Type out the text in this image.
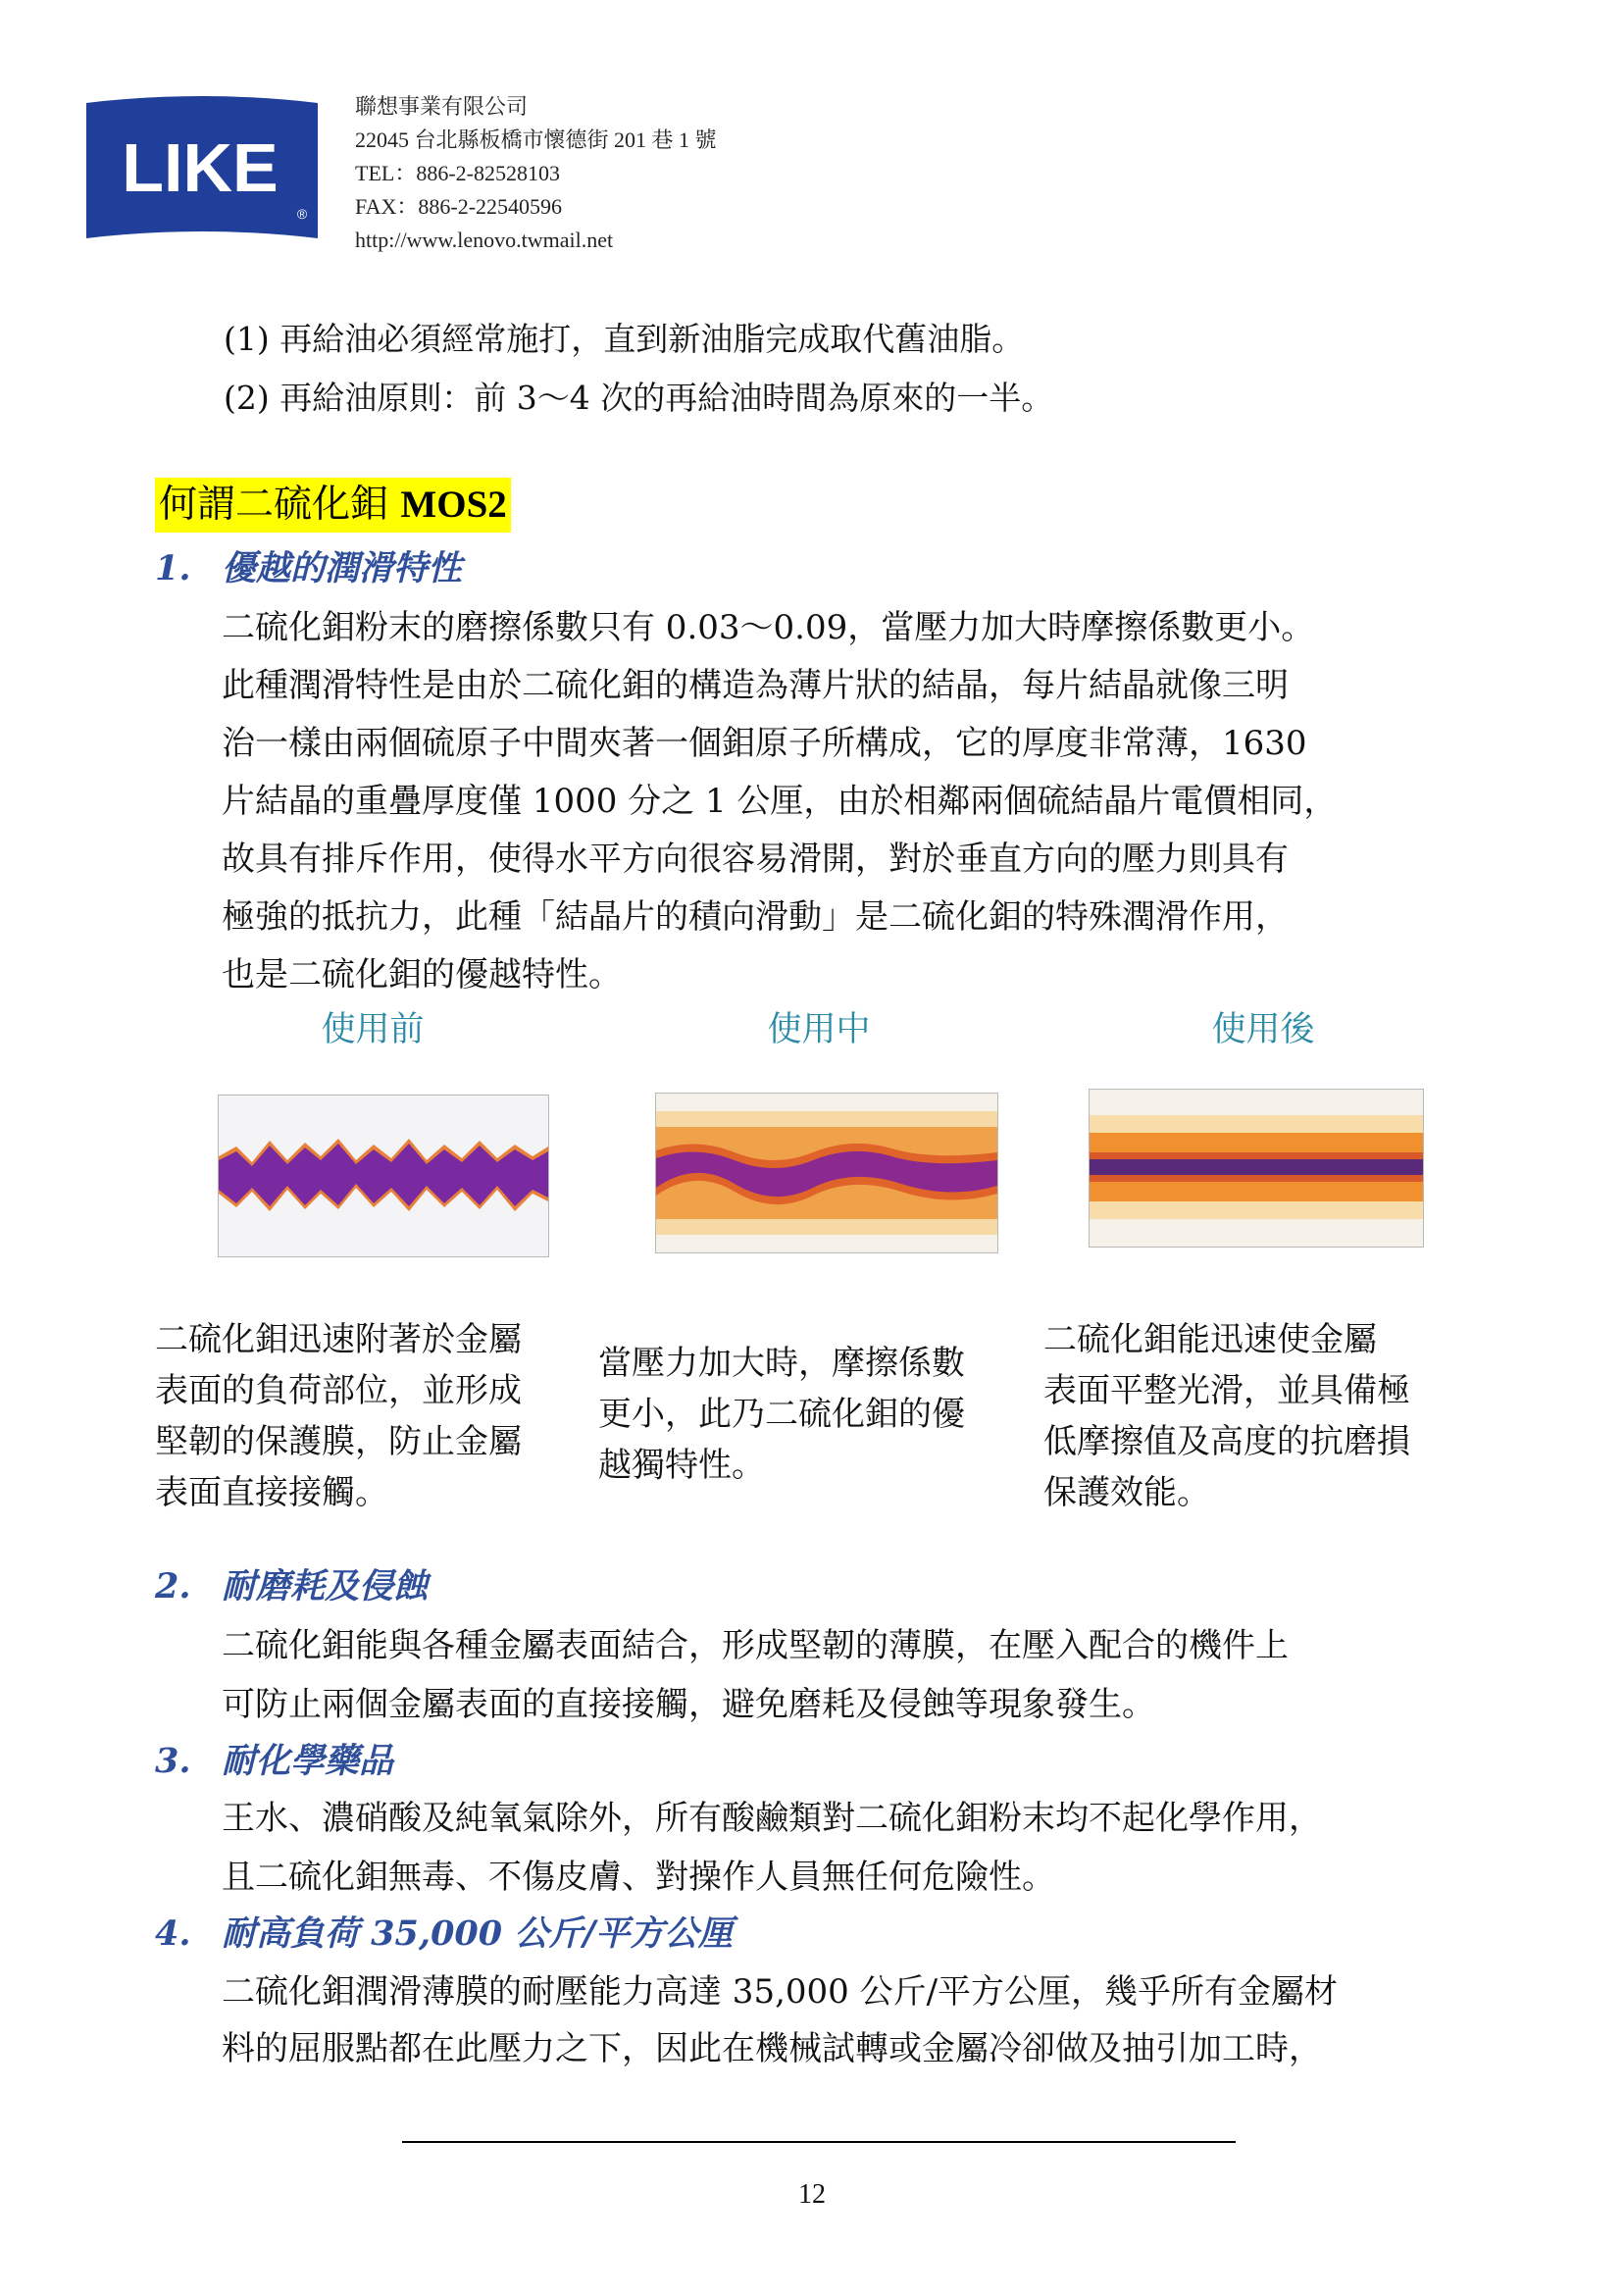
LIKE
®
聯想事業有限公司
22045 台北縣板橋市懷德街 201 巷 1 號
TEL：886-2-82528103
FAX：886-2-22540596
http://www.lenovo.twmail.net
(1) 再給油必須經常施打，直到新油脂完成取代舊油脂。
(2) 再給油原則：前 3～4 次的再給油時間為原來的一半。
何謂二硫化鉬 MOS2
1. 優越的潤滑特性
二硫化鉬粉末的磨擦係數只有 0.03～0.09，當壓力加大時摩擦係數更小。
此種潤滑特性是由於二硫化鉬的構造為薄片狀的結晶，每片結晶就像三明
治一樣由兩個硫原子中間夾著一個鉬原子所構成，它的厚度非常薄，1630
片結晶的重疊厚度僅 1000 分之 1 公厘，由於相鄰兩個硫結晶片電價相同，
故具有排斥作用，使得水平方向很容易滑開，對於垂直方向的壓力則具有
極強的抵抗力，此種「結晶片的積向滑動」是二硫化鉬的特殊潤滑作用，
也是二硫化鉬的優越特性。
使用前	使用中	使用後
二硫化鉬迅速附著於金屬
表面的負荷部位，並形成
堅韌的保護膜，防止金屬
表面直接接觸。
當壓力加大時，摩擦係數
更小，此乃二硫化鉬的優
越獨特性。
二硫化鉬能迅速使金屬
表面平整光滑，並具備極
低摩擦值及高度的抗磨損
保護效能。
2. 耐磨耗及侵蝕
二硫化鉬能與各種金屬表面結合，形成堅韌的薄膜，在壓入配合的機件上
可防止兩個金屬表面的直接接觸，避免磨耗及侵蝕等現象發生。
3. 耐化學藥品
王水、濃硝酸及純氧氣除外，所有酸鹼類對二硫化鉬粉末均不起化學作用，
且二硫化鉬無毒、不傷皮膚、對操作人員無任何危險性。
4. 耐高負荷 35,000 公斤/平方公厘
二硫化鉬潤滑薄膜的耐壓能力高達 35,000 公斤/平方公厘，幾乎所有金屬材
料的屈服點都在此壓力之下，因此在機械試轉或金屬冷卻做及抽引加工時，
12
